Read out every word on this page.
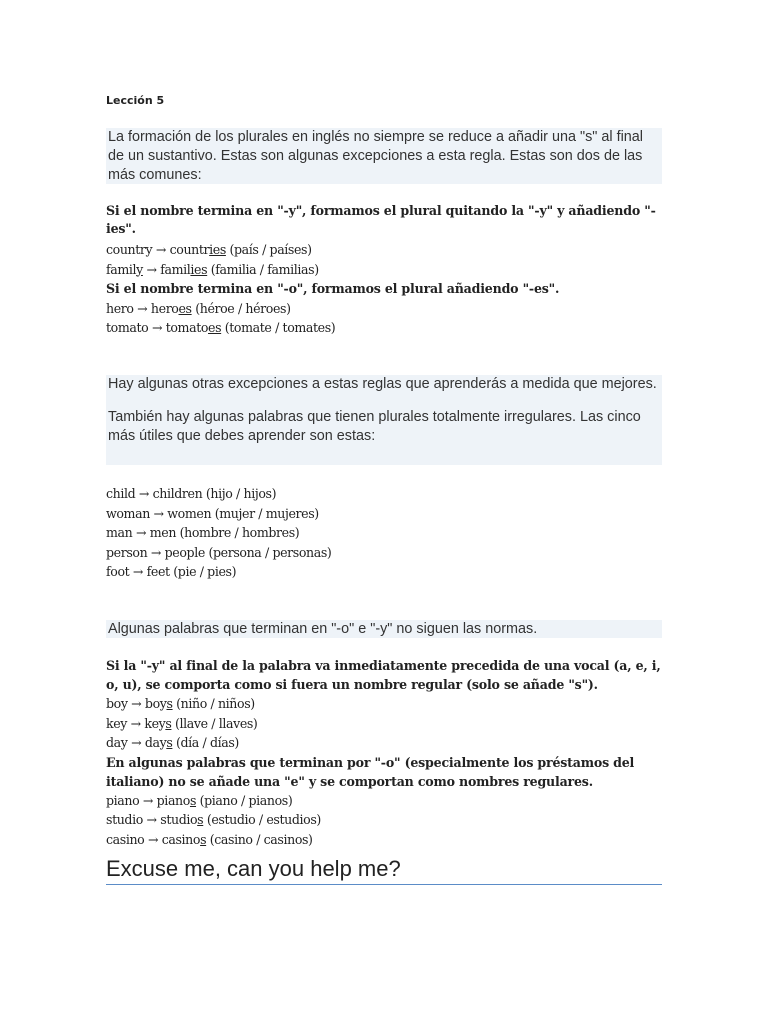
Lección 5

La formación de los plurales en inglés no siempre se reduce a añadir una "s" al final de un sustantivo. Estas son algunas excepciones a esta regla. Estas son dos de las más comunes:

Si el nombre termina en "-y", formamos el plural quitando la "-y" y añadiendo "-ies".
country → countries (país / países)
family → families (familia / familias)
Si el nombre termina en "-o", formamos el plural añadiendo "-es".
hero → heroes (héroe / héroes)
tomato → tomatoes (tomate / tomates)

Hay algunas otras excepciones a estas reglas que aprenderás a medida que mejores.

También hay algunas palabras que tienen plurales totalmente irregulares. Las cinco más útiles que debes aprender son estas:

child → children (hijo / hijos)
woman → women (mujer / mujeres)
man → men (hombre / hombres)
person → people (persona / personas)
foot → feet (pie / pies)

Algunas palabras que terminan en "-o" e "-y" no siguen las normas.

Si la "-y" al final de la palabra va inmediatamente precedida de una vocal (a, e, i, o, u), se comporta como si fuera un nombre regular (solo se añade "s").
boy → boys (niño / niños)
key → keys (llave / llaves)
day → days (día / días)
En algunas palabras que terminan por "-o" (especialmente los préstamos del italiano) no se añade una "e" y se comportan como nombres regulares.
piano → pianos (piano / pianos)
studio → studios (estudio / estudios)
casino → casinos (casino / casinos)
Excuse me, can you help me?
